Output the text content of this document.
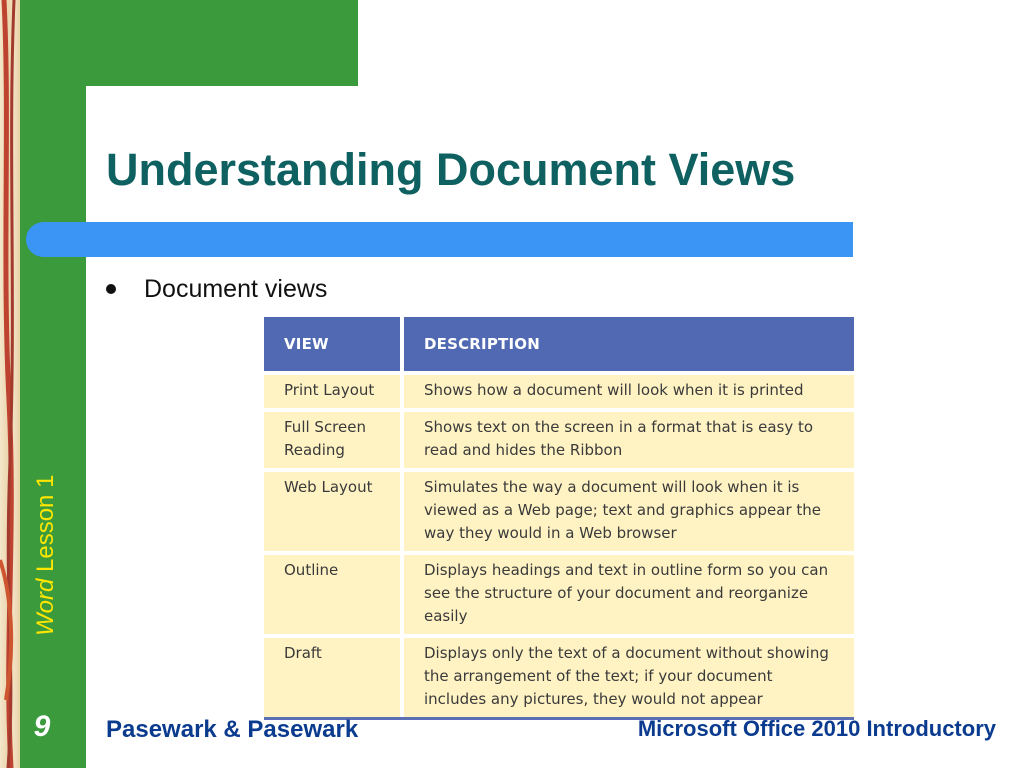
Word Lesson 1
9
Understanding Document Views
Document views
VIEW	DESCRIPTION
Print Layout	Shows how a document will look when it is printed
Full Screen Reading	Shows text on the screen in a format that is easy to read and hides the Ribbon
Web Layout	Simulates the way a document will look when it is viewed as a Web page; text and graphics appear the way they would in a Web browser
Outline	Displays headings and text in outline form so you can see the structure of your document and reorganize easily
Draft	Displays only the text of a document without showing the arrangement of the text; if your document includes any pictures, they would not appear
Pasewark & Pasewark	Microsoft Office 2010 Introductory
